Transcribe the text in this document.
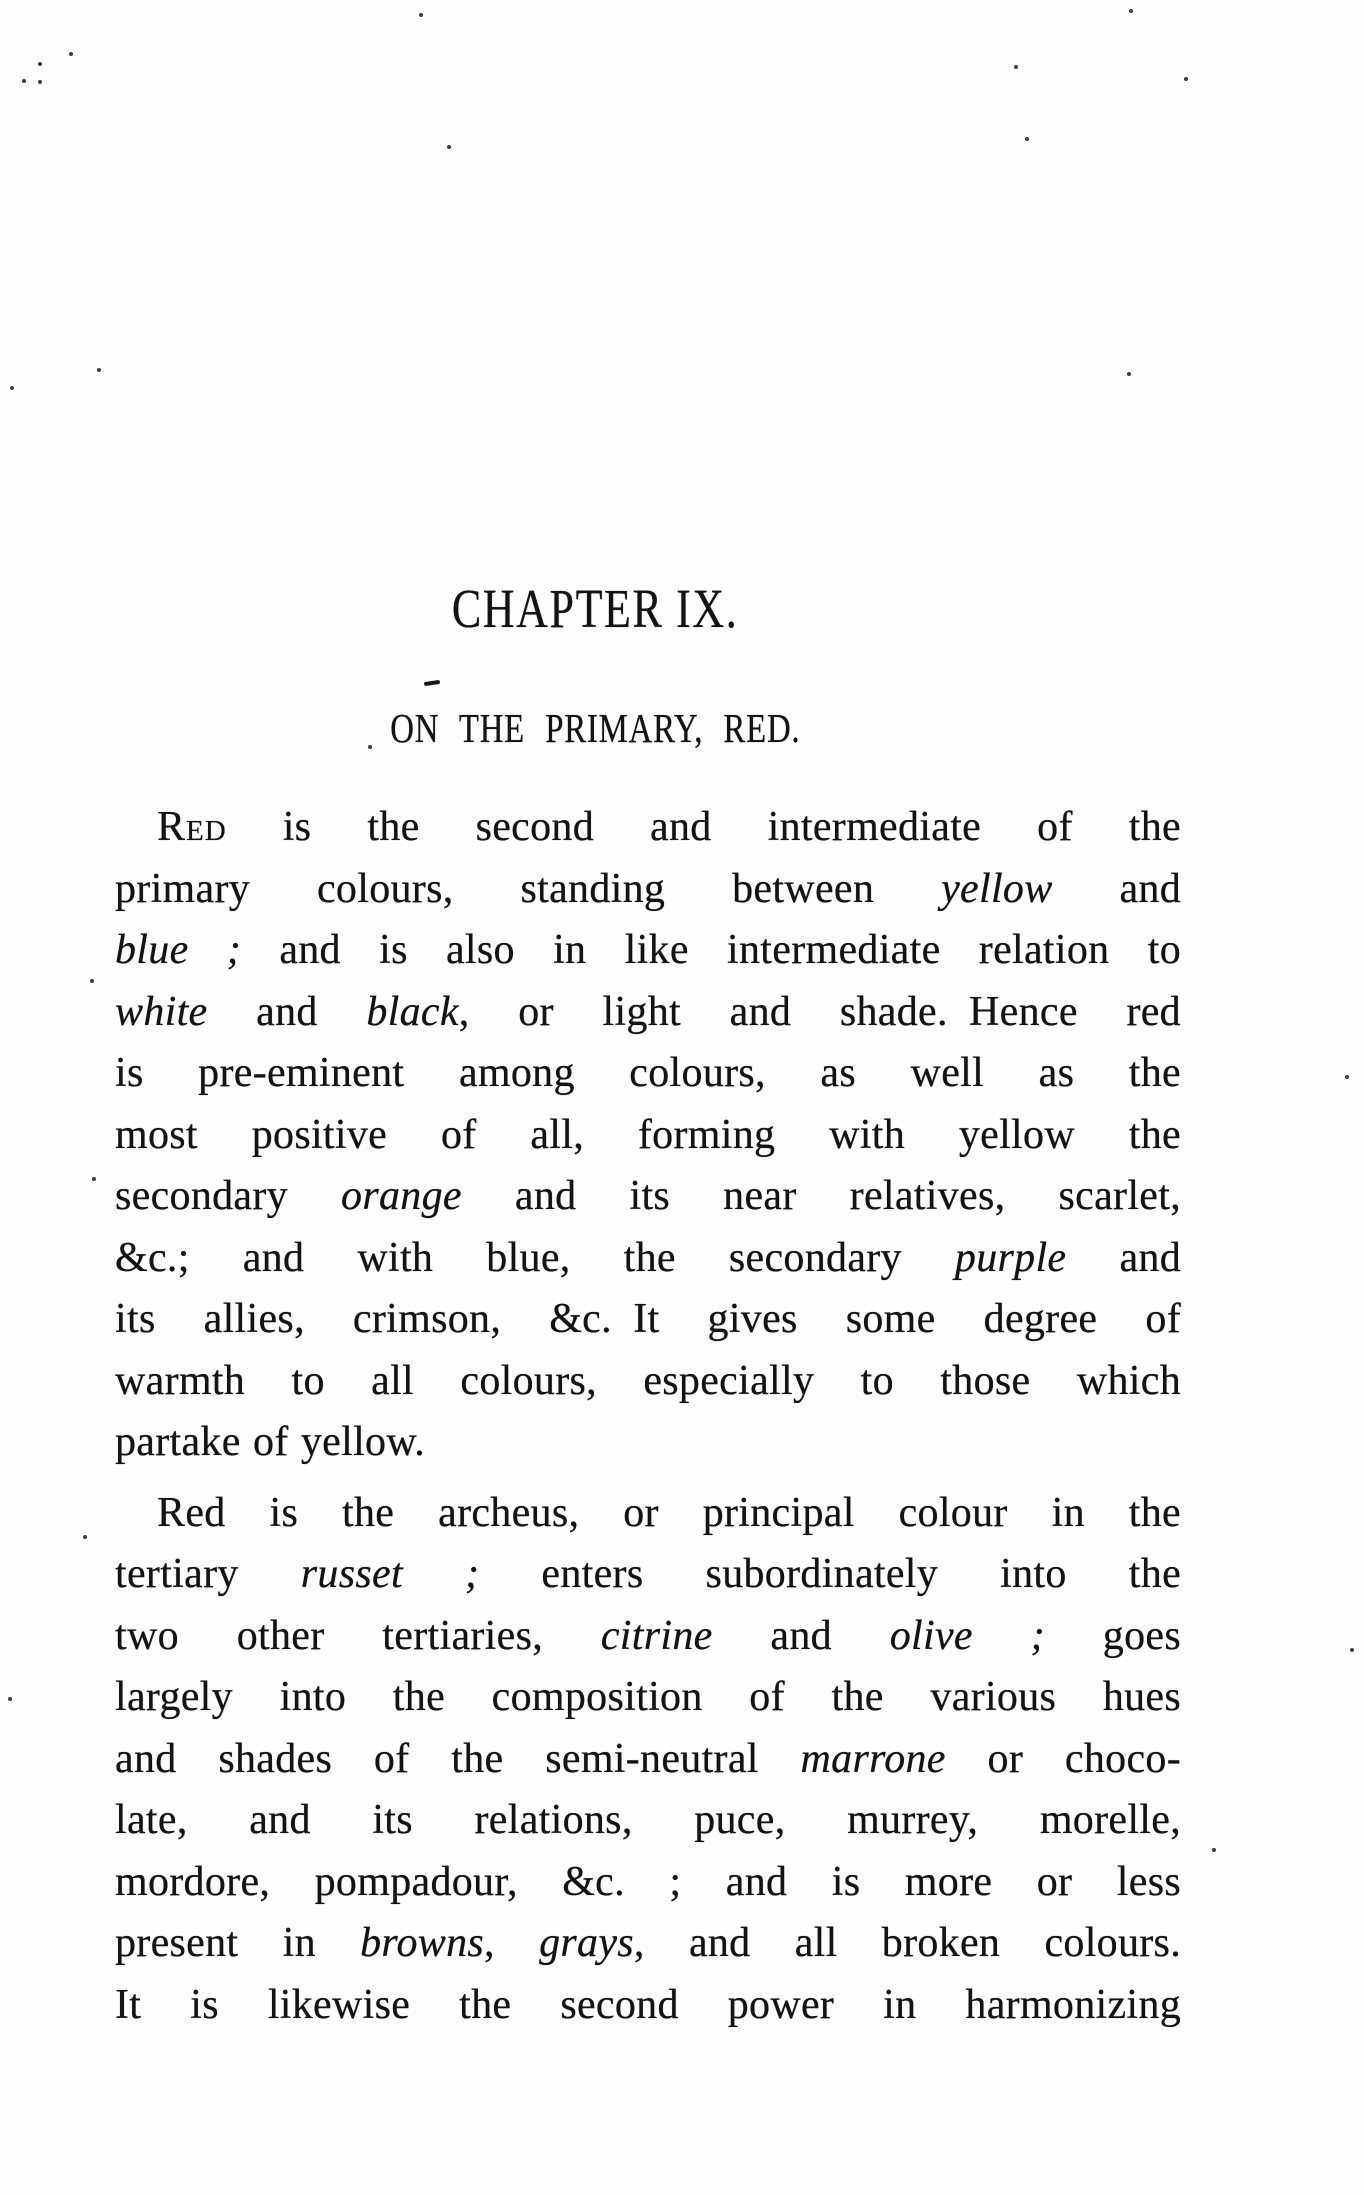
CHAPTER IX.
ON THE PRIMARY, RED.
Red is the second and intermediate of the
primary colours, standing between yellow and
blue ; and is also in like intermediate relation to
white and black, or light and shade. Hence red
is pre-eminent among colours, as well as the
most positive of all, forming with yellow the
secondary orange and its near relatives, scarlet,
&c.; and with blue, the secondary purple and
its allies, crimson, &c. It gives some degree of
warmth to all colours, especially to those which
partake of yellow.
Red is the archeus, or principal colour in the
tertiary russet ; enters subordinately into the
two other tertiaries, citrine and olive ; goes
largely into the composition of the various hues
and shades of the semi-neutral marrone or choco-
late, and its relations, puce, murrey, morelle,
mordore, pompadour, &c. ; and is more or less
present in browns, grays, and all broken colours.
It is likewise the second power in harmonizing
